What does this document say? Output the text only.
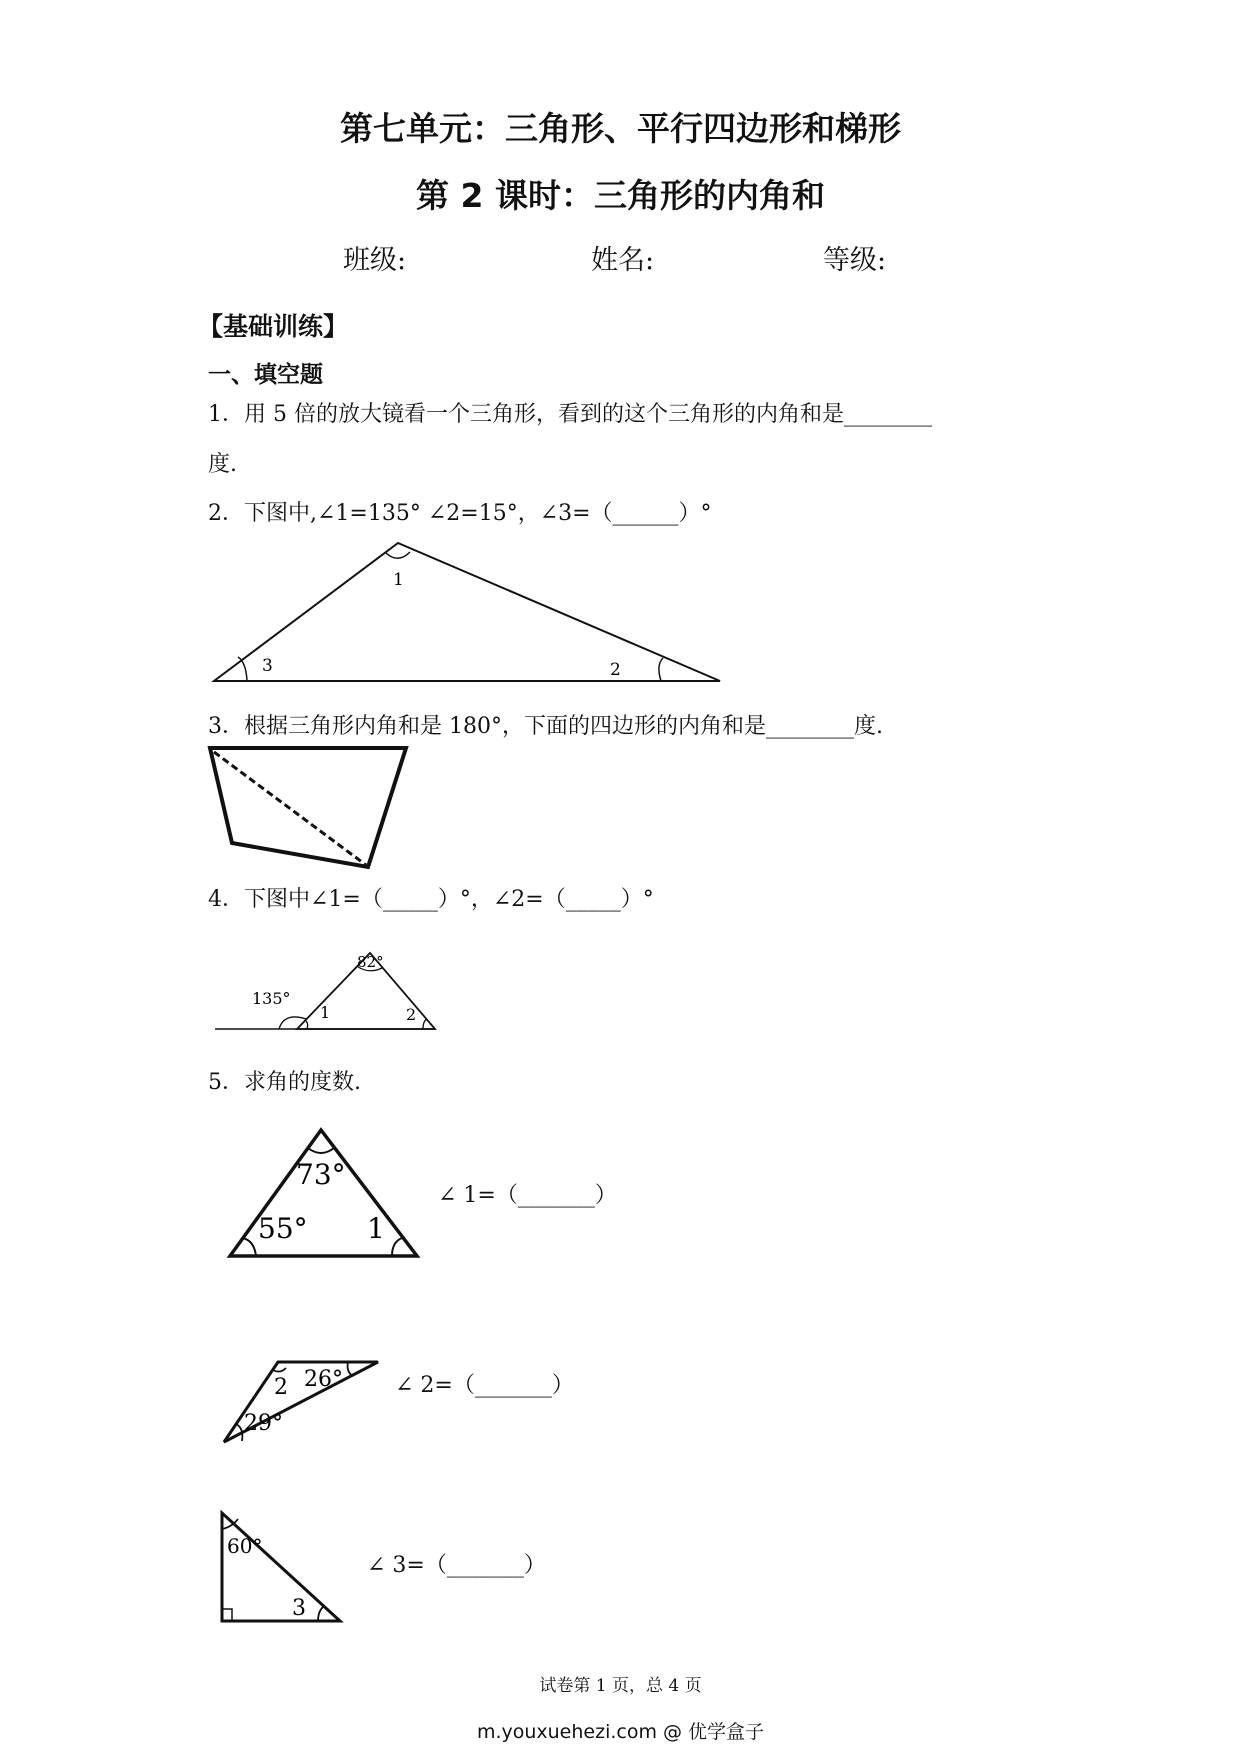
第七单元：三角形、平行四边形和梯形
第 2 课时：三角形的内角和
班级:	姓名:	等级:
【基础训练】
一、填空题
1．用 5 倍的放大镜看一个三角形，看到的这个三角形的内角和是________
度.
2．下图中,∠1=135° ∠2=15°，∠3=（______）°
1
2
3
3．根据三角形内角和是 180°，下面的四边形的内角和是________度.
4．下图中∠1=（_____）°，∠2=（_____）°
135°
82°
1	2
5．求角的度数.
73°
55° 1
∠ 1=（_______）
2 26°
29°
∠ 2=（_______）
60°
3
∠ 3=（_______）
试卷第 1 页，总 4 页
m.youxuehezi.com @ 优学盒子
